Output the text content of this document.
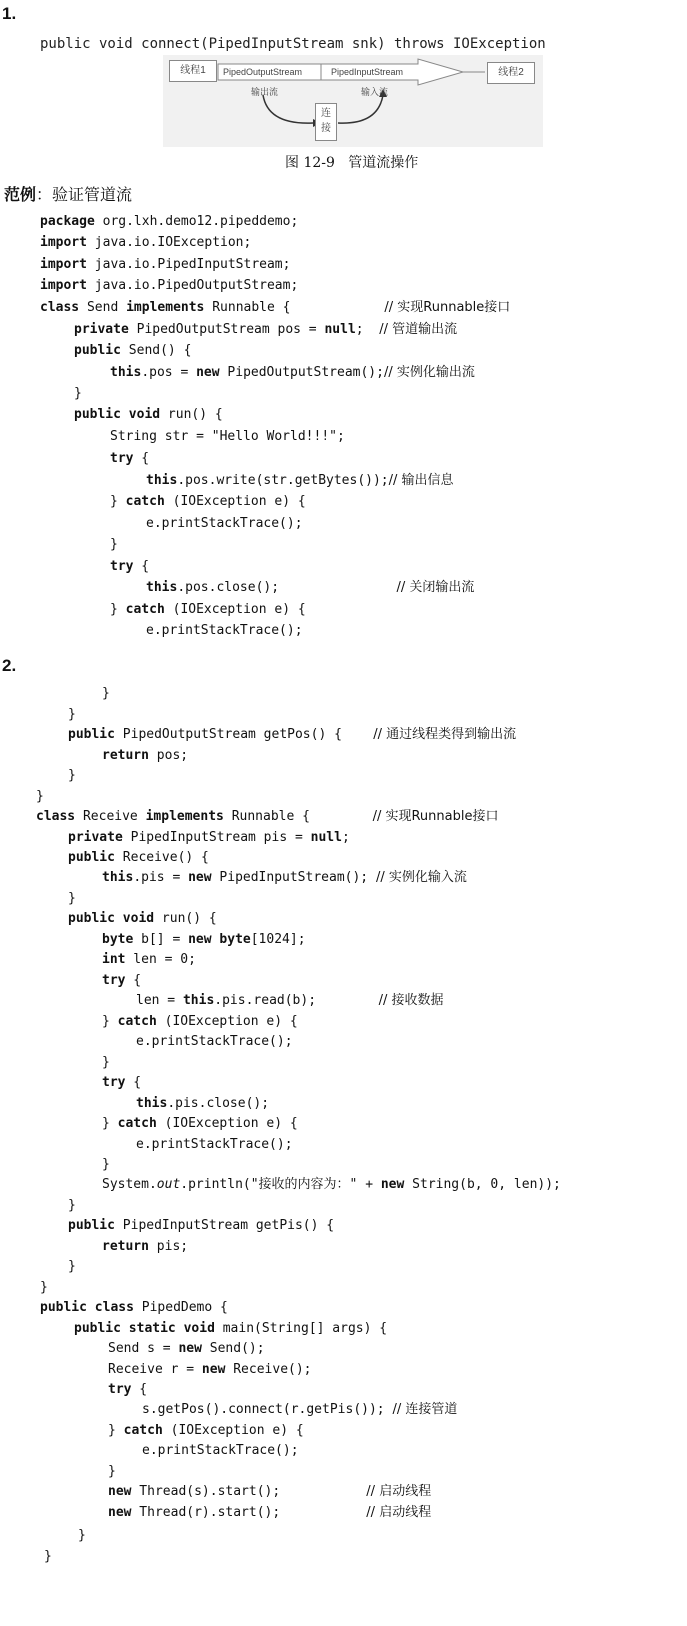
1.
public void connect(PipedInputStream snk) throws IOException
线程1	PipedOutputStream	PipedInputStream	线程2
输出流	输入流
连
接
图 12-9   管道流操作
范例：验证管道流
package org.lxh.demo12.pipeddemo;
import java.io.IOException;
import java.io.PipedInputStream;
import java.io.PipedOutputStream;
class Send implements Runnable {            // 实现Runnable接口
private PipedOutputStream pos = null;  // 管道输出流
public Send() {
this.pos = new PipedOutputStream();// 实例化输出流
}
public void run() {
String str = "Hello World!!!";
try {
this.pos.write(str.getBytes());// 输出信息
} catch (IOException e) {
e.printStackTrace();
}
try {
this.pos.close();               // 关闭输出流
} catch (IOException e) {
e.printStackTrace();
2.
}
}
public PipedOutputStream getPos() {    // 通过线程类得到输出流
return pos;
}
}
class Receive implements Runnable {        // 实现Runnable接口
private PipedInputStream pis = null;
public Receive() {
this.pis = new PipedInputStream(); // 实例化输入流
}
public void run() {
byte b[] = new byte[1024];
int len = 0;
try {
len = this.pis.read(b);        // 接收数据
} catch (IOException e) {
e.printStackTrace();
}
try {
this.pis.close();
} catch (IOException e) {
e.printStackTrace();
}
System.out.println("接收的内容为：" + new String(b, 0, len));
}
public PipedInputStream getPis() {
return pis;
}
}
public class PipedDemo {
public static void main(String[] args) {
Send s = new Send();
Receive r = new Receive();
try {
s.getPos().connect(r.getPis()); // 连接管道
} catch (IOException e) {
e.printStackTrace();
}
new Thread(s).start();           // 启动线程
new Thread(r).start();           // 启动线程
}
}
